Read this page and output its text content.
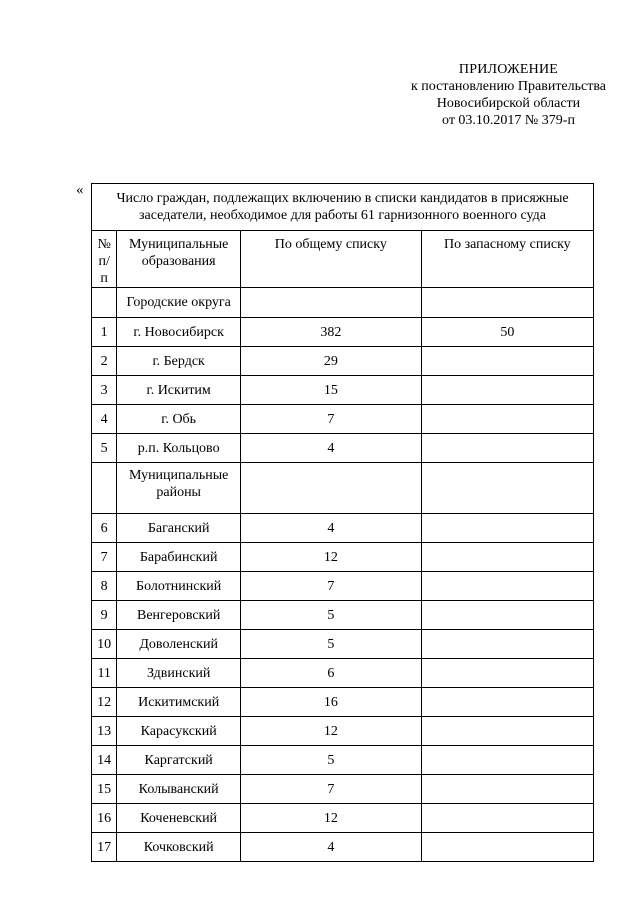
ПРИЛОЖЕНИЕ
к постановлению Правительства
Новосибирской области
от 03.10.2017 № 379-п
«
Число граждан, подлежащих включению в списки кандидатов в присяжные заседатели, необходимое для работы 61 гарнизонного военного суда			
№ п/п	Муниципальные образования	По общему списку	По запасному списку
	Городские округа		
1	г. Новосибирск	382	50
2	г. Бердск	29	
3	г. Искитим	15	
4	г. Обь	7	
5	р.п. Кольцово	4	
	Муниципальные районы		
6	Баганский	4	
7	Барабинский	12	
8	Болотнинский	7	
9	Венгеровский	5	
10	Доволенский	5	
11	Здвинский	6	
12	Искитимский	16	
13	Карасукский	12	
14	Каргатский	5	
15	Колыванский	7	
16	Коченевский	12	
17	Кочковский	4	
